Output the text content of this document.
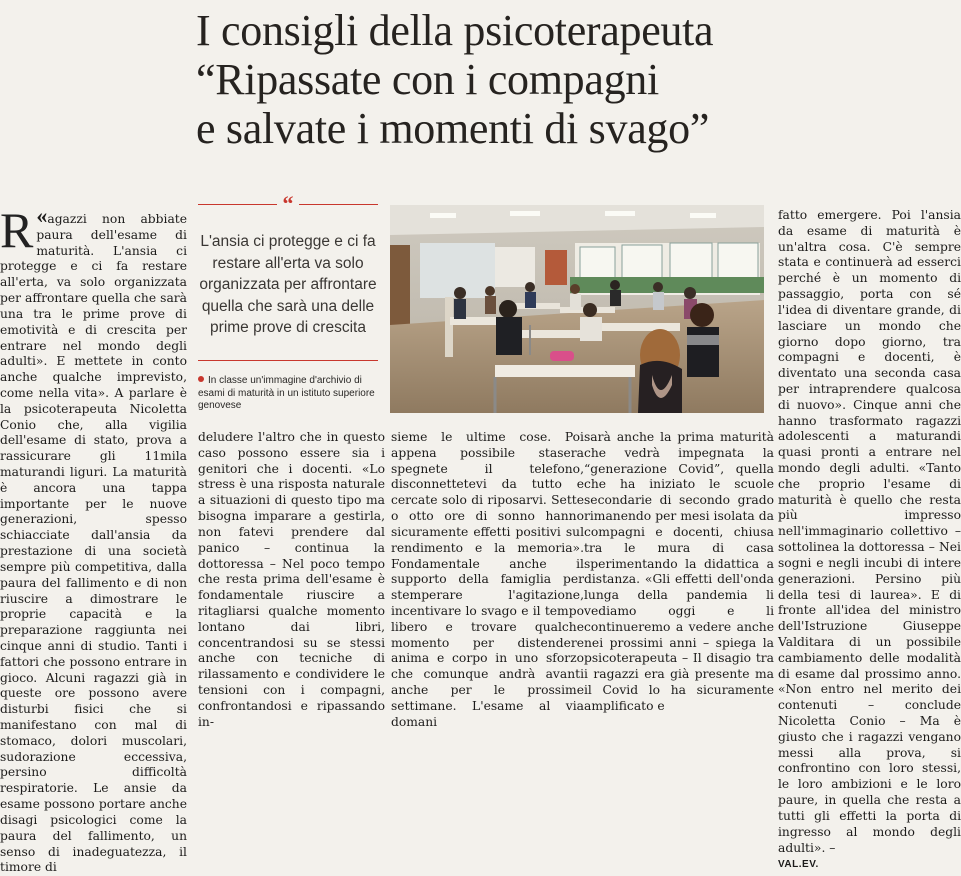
I consigli della psicoterapeuta
“Ripassate con i compagni
e salvate i momenti di svago”

«
R agazzi non abbiate paura dell'esame di maturità. L'ansia ci protegge e ci fa restare all'erta, va solo organizzata per affrontare quella che sarà una tra le prime prove di emotività e di crescita per entrare nel mondo degli adulti». E mettete in conto anche qualche imprevisto, come nella vita». A parlare è la psicoterapeuta Nicoletta Conio che, alla vigilia dell'esame di stato, prova a rassicurare gli 11mila maturandi liguri. La maturità è ancora una tappa importante per le nuove generazioni, spesso schiacciate dall'ansia da prestazione di una società sempre più competitiva, dalla paura del fallimento e di non riuscire a dimostrare le proprie capacità e la preparazione raggiunta nei cinque anni di studio. Tanti i fattori che possono entrare in gioco. Alcuni ragazzi già in queste ore possono avere disturbi fisici che si manifestano con mal di stomaco, dolori muscolari, sudorazione eccessiva, persino difficoltà respiratorie. Le ansie da esame possono portare anche disagi psicologici come la paura del fallimento, un senso di inadeguatezza, il timore di

“
L'ansia ci protegge e ci fa restare all'erta va solo organizzata per affrontare quella che sarà una delle prime prove di crescita
In classe un'immagine d'archivio di esami di maturità in un istituto superiore genovese

deludere l'altro che in questo caso possono essere sia i genitori che i docenti. «Lo stress è una risposta naturale a situazioni di questo tipo ma bisogna imparare a gestirla, non fatevi prendere dal panico – continua la dottoressa – Nel poco tempo che resta prima dell'esame è fondamentale riuscire a ritagliarsi qualche momento lontano dai libri, concentrandosi su se stessi anche con tecniche di rilassamento e condividere le tensioni con i compagni, confrontandosi e ripassando in-

sieme le ultime cose. Poi appena possibile stasera spegnete il telefono, disconnettetevi da tutto e cercate solo di riposarvi. Sette o otto ore di sonno hanno sicuramente effetti positivi sul rendimento e la memoria». Fondamentale anche il supporto della famiglia per stemperare l'agitazione, incentivare lo svago e il tempo libero e trovare qualche momento per distendere anima e corpo in uno sforzo che comunque andrà avanti anche per le prossime settimane. L'esame al via domani

sarà anche la prima maturità che vedrà impegnata la “generazione Covid”, quella che ha iniziato le scuole secondarie di secondo grado rimanendo per mesi isolata da compagni e docenti, chiusa tra le mura di casa sperimentando la didattica a distanza. «Gli effetti dell'onda lunga della pandemia li vediamo oggi e li continueremo a vedere anche nei prossimi anni – spiega la psicoterapeuta – Il disagio tra i ragazzi era già presente ma il Covid lo ha sicuramente amplificato e

fatto emergere. Poi l'ansia da esame di maturità è un'altra cosa. C'è sempre stata e continuerà ad esserci perché è un momento di passaggio, porta con sé l'idea di diventare grande, di lasciare un mondo che giorno dopo giorno, tra compagni e docenti, è diventato una seconda casa per intraprendere qualcosa di nuovo». Cinque anni che hanno trasformato ragazzi adolescenti a maturandi quasi pronti a entrare nel mondo degli adulti. «Tanto che proprio l'esame di maturità è quello che resta più impresso nell'immaginario collettivo – sottolinea la dottoressa – Nei sogni e negli incubi di intere generazioni. Persino più della tesi di laurea». E di fronte all'idea del ministro dell'Istruzione Giuseppe Valditara di un possibile cambiamento delle modalità di esame dal prossimo anno. «Non entro nel merito dei contenuti – conclude Nicoletta Conio – Ma è giusto che i ragazzi vengano messi alla prova, si confrontino con loro stessi, le loro ambizioni e le loro paure, in quella che resta a tutti gli effetti la porta di ingresso al mondo degli adulti». –
VAL.EV.
